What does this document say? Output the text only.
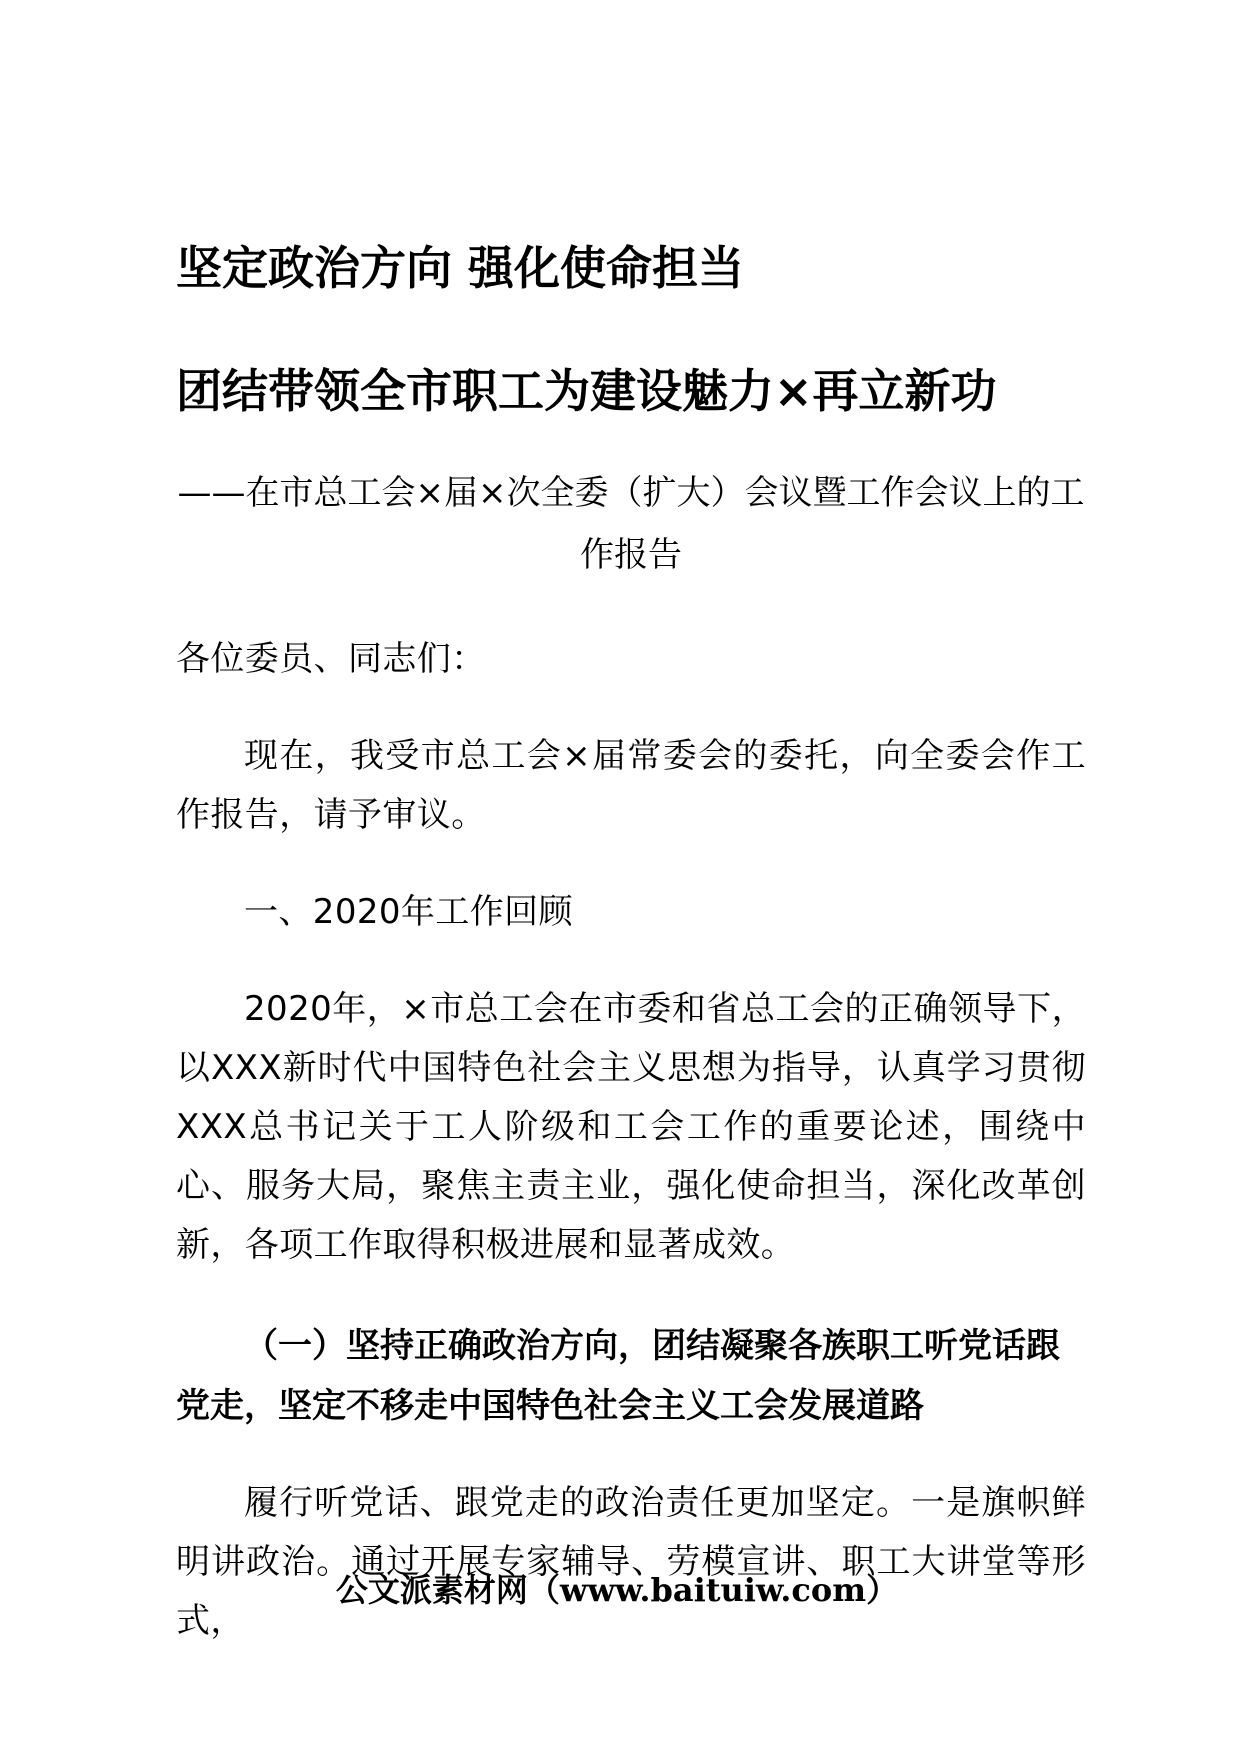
坚定政治方向 强化使命担当
团结带领全市职工为建设魅力×再立新功
——在市总工会×届×次全委（扩大）会议暨工作会议上的工作报告

各位委员、同志们：

现在，我受市总工会×届常委会的委托，向全委会作工作报告，请予审议。

一、2020年工作回顾

2020年，×市总工会在市委和省总工会的正确领导下，以XXX新时代中国特色社会主义思想为指导，认真学习贯彻XXX总书记关于工人阶级和工会工作的重要论述，围绕中心、服务大局，聚焦主责主业，强化使命担当，深化改革创新，各项工作取得积极进展和显著成效。

（一）坚持正确政治方向，团结凝聚各族职工听党话跟党走，坚定不移走中国特色社会主义工会发展道路

履行听党话、跟党走的政治责任更加坚定。一是旗帜鲜明讲政治。通过开展专家辅导、劳模宣讲、职工大讲堂等形式，

公文派素材网（www.baituiw.com）
